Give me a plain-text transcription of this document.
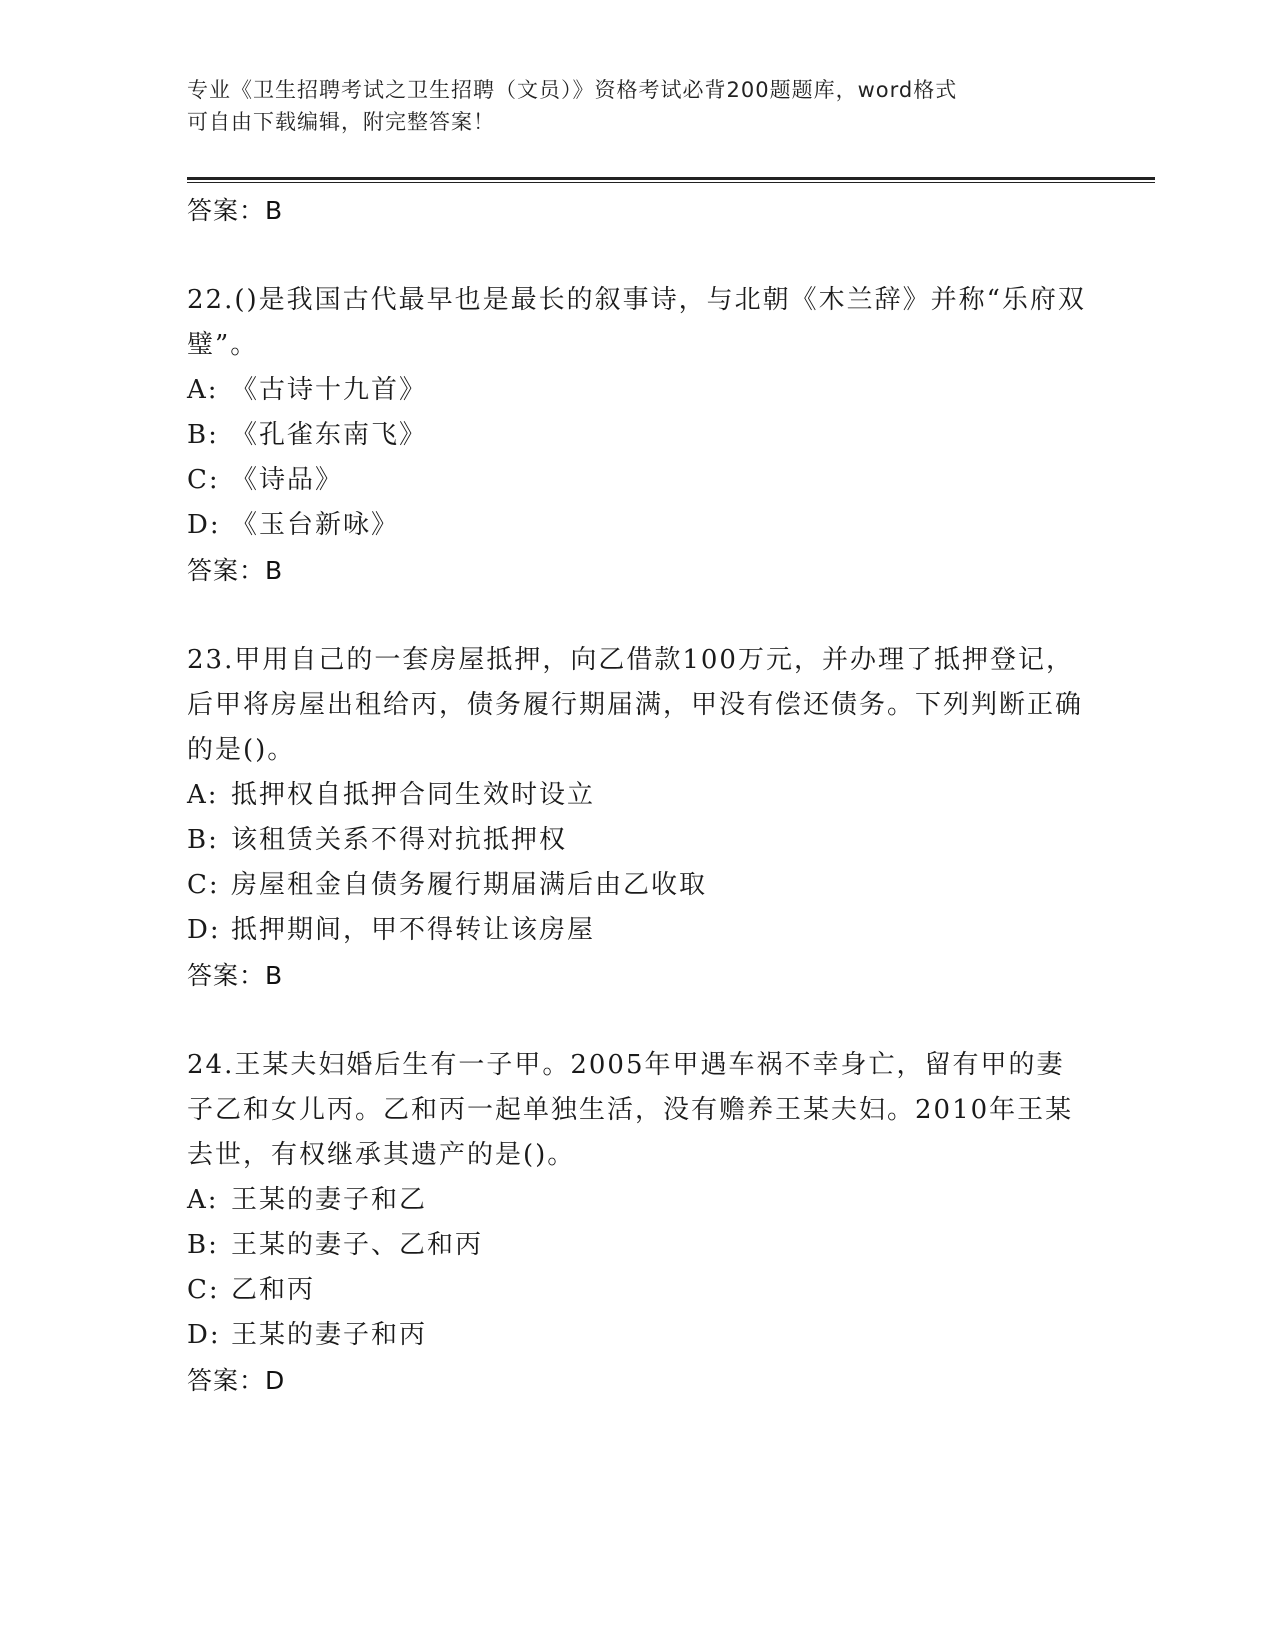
专业《卫生招聘考试之卫生招聘（文员）》资格考试必背200题题库，word格式
可自由下载编辑，附完整答案！
答案：B
22.()是我国古代最早也是最长的叙事诗，与北朝《木兰辞》并称“乐府双璧”。
A: 《古诗十九首》
B: 《孔雀东南飞》
C: 《诗品》
D: 《玉台新咏》
答案：B
23.甲用自己的一套房屋抵押，向乙借款100万元，并办理了抵押登记，后甲将房屋出租给丙，债务履行期届满，甲没有偿还债务。下列判断正确的是()。
A: 抵押权自抵押合同生效时设立
B: 该租赁关系不得对抗抵押权
C: 房屋租金自债务履行期届满后由乙收取
D: 抵押期间，甲不得转让该房屋
答案：B
24.王某夫妇婚后生有一子甲。2005年甲遇车祸不幸身亡，留有甲的妻子乙和女儿丙。乙和丙一起单独生活，没有赡养王某夫妇。2010年王某去世，有权继承其遗产的是()。
A: 王某的妻子和乙
B: 王某的妻子、乙和丙
C: 乙和丙
D: 王某的妻子和丙
答案：D
